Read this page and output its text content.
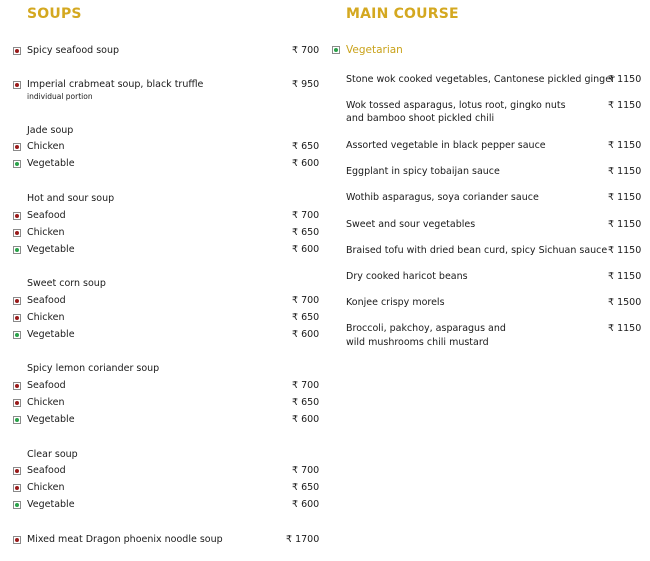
SOUPS
Spicy seafood soup	₹ 700
Imperial crabmeat soup, black truffle
individual portion
₹ 950
Jade soup
Chicken	₹ 650
Vegetable	₹ 600
Hot and sour soup
Seafood	₹ 700
Chicken	₹ 650
Vegetable	₹ 600
Sweet corn soup
Seafood	₹ 700
Chicken	₹ 650
Vegetable	₹ 600
Spicy lemon coriander soup
Seafood	₹ 700
Chicken	₹ 650
Vegetable	₹ 600
Clear soup
Seafood	₹ 700
Chicken	₹ 650
Vegetable	₹ 600
Mixed meat Dragon phoenix noodle soup	₹ 1700
MAIN COURSE
Vegetarian
Stone wok cooked vegetables, Cantonese pickled ginger
₹ 1150
Wok tossed asparagus, lotus root, gingko nuts
and bamboo shoot pickled chili
₹ 1150
Assorted vegetable in black pepper sauce	₹ 1150
Eggplant in spicy tobaijan sauce	₹ 1150
Wothib asparagus, soya coriander sauce	₹ 1150
Sweet and sour vegetables	₹ 1150
Braised tofu with dried bean curd, spicy Sichuan sauce ₹ 1150
Dry cooked haricot beans	₹ 1150
Konjee crispy morels	₹ 1500
Broccoli, pakchoy, asparagus and
wild mushrooms chili mustard
₹ 1150
